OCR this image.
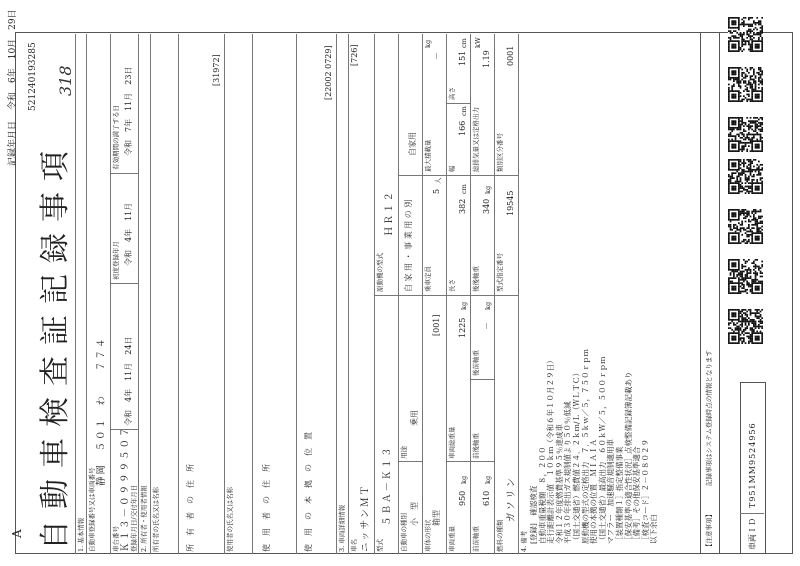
A 自動車検査証記録事項
記録年月日
令和　6年　10月　29日 5212401932​85 318
1. 基本情報 自動車登録番号又は車両番号
静岡　５０１　わ　　７７４
車台番号 Ｋ１３－０９９９５０７ 登録年月日/交付年月日
令和　4年　11月　24日
初度登録年月 令和　4年　11月
有効期間の満了する日 令和　7年　11月　23日
2. 所有者・使用者情報 所有者の氏名又は名称	所　有　者　の　住　所
[31972]
使用者の氏名又は名称	使　用　者　の　住　所	使　用　の　本　拠　の　位　置
[22002 0729]
3. 車両詳細情報 車名 ニッサンＭＴ
[726]
型式
５ＢＡ－Ｋ１３
原動機の型式
ＨＲ１２
自動車の種別 小　型
用途
乗用
自 家 用 ・ 事 業 用 の 別
自家用
車体の形状
箱型
[001]
乗車定員
5
人
最大積載量
－
kg
車両重量
950
kg
車両総重量
1225
kg
長さ
382
cm
幅
166
cm
高さ
151
cm
前前軸重
610
kg
前後軸重
－
kg
後前軸重
後後軸重
340
kg
総排気量又は定格出力
1.19
kW
燃料の種類
ガソリン
型式指定番号
19545
類別区分番号
0001
4. 備考 [登録]　確認検査
自動車重量税額　８，２００
走行距離計表示値　１０ｋｍ（令和６年１０月２９日）
令和１２年度燃費基準９５％達成車
平成３０年排出ガス規制値より５０％低減
（国土交通省）燃費値２４．２ｋｍ/Ｌ（ＷＬＴＣ）
原動機の型式の定格出力　７．５ｋｗ／５，７５０ｒｐｍ
使用の本拠の位置　ＭＩＡＩＡ
（国土交通省）最高出力　６０ｋＷ／５，５００ｒｐｍ
マフラー　加速騒音規制適用車
［装置種類１］指定整備事業
［保安基準の適合性状況］点検整備記録簿記載あり
［備考］その他保安基準適合
［検査コード］２－０８０２９
以下余白	【注意事項】
記録事項はシステム登録時点の情報となります
車両ＩＤ
T951MM9524956
